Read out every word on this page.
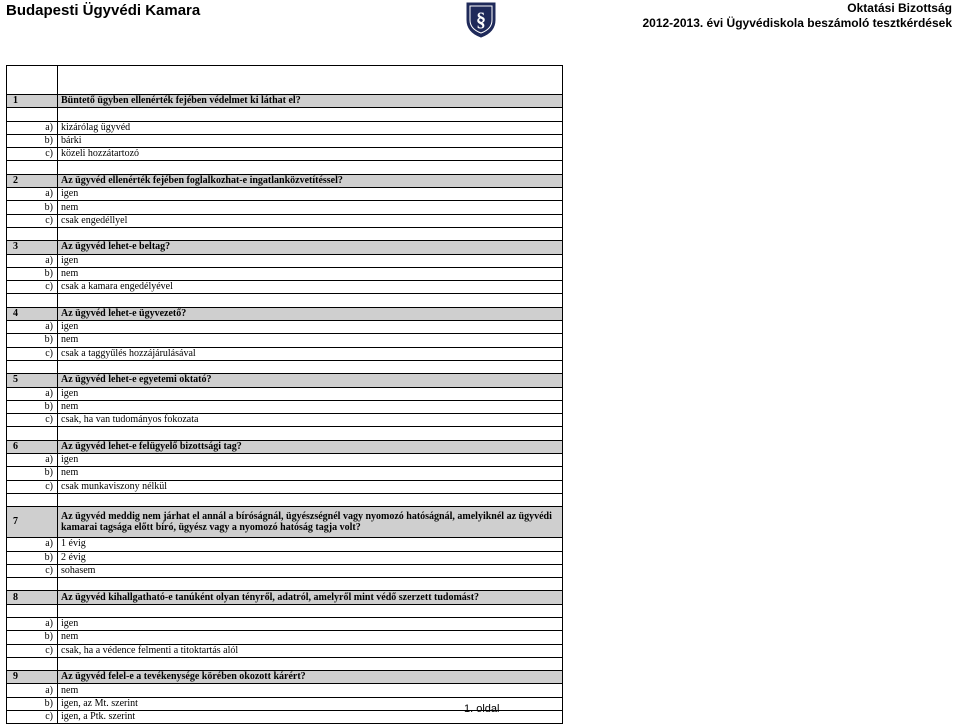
Budapesti Ügyvédi Kamara	§
Oktatási Bizottság
2012-2013. évi Ügyvédiskola beszámoló tesztkérdések

1	Büntető ügyben ellenérték fejében védelmet ki láthat el?

a)	kizárólag ügyvéd
b)	bárki
c)	közeli hozzátartozó

2	Az ügyvéd ellenérték fejében foglalkozhat-e ingatlanközvetítéssel?
a)	igen
b)	nem
c)	csak engedéllyel

3	Az ügyvéd lehet-e beltag?
a)	igen
b)	nem
c)	csak a kamara engedélyével

4	Az ügyvéd lehet-e ügyvezető?
a)	igen
b)	nem
c)	csak a taggyűlés hozzájárulásával

5	Az ügyvéd lehet-e egyetemi oktató?
a)	igen
b)	nem
c)	csak, ha van tudományos fokozata

6	Az ügyvéd lehet-e felügyelő bizottsági tag?
a)	igen
b)	nem
c)	csak munkaviszony nélkül

7	Az ügyvéd meddig nem járhat el annál a bíróságnál, ügyészségnél vagy nyomozó hatóságnál, amelyiknél az ügyvédi kamarai tagsága előtt bíró, ügyész vagy a nyomozó hatóság tagja volt?
a)	1 évig
b)	2 évig
c)	sohasem

8	Az ügyvéd kihallgatható-e tanúként olyan tényről, adatról, amelyről mint védő szerzett tudomást?

a)	igen
b)	nem
c)	csak, ha a védence felmenti a titoktartás alól

9	Az ügyvéd felel-e a tevékenysége körében okozott kárért?
a)	nem
b)	igen, az Mt. szerint
c)	igen, a Ptk. szerint
1. oldal
